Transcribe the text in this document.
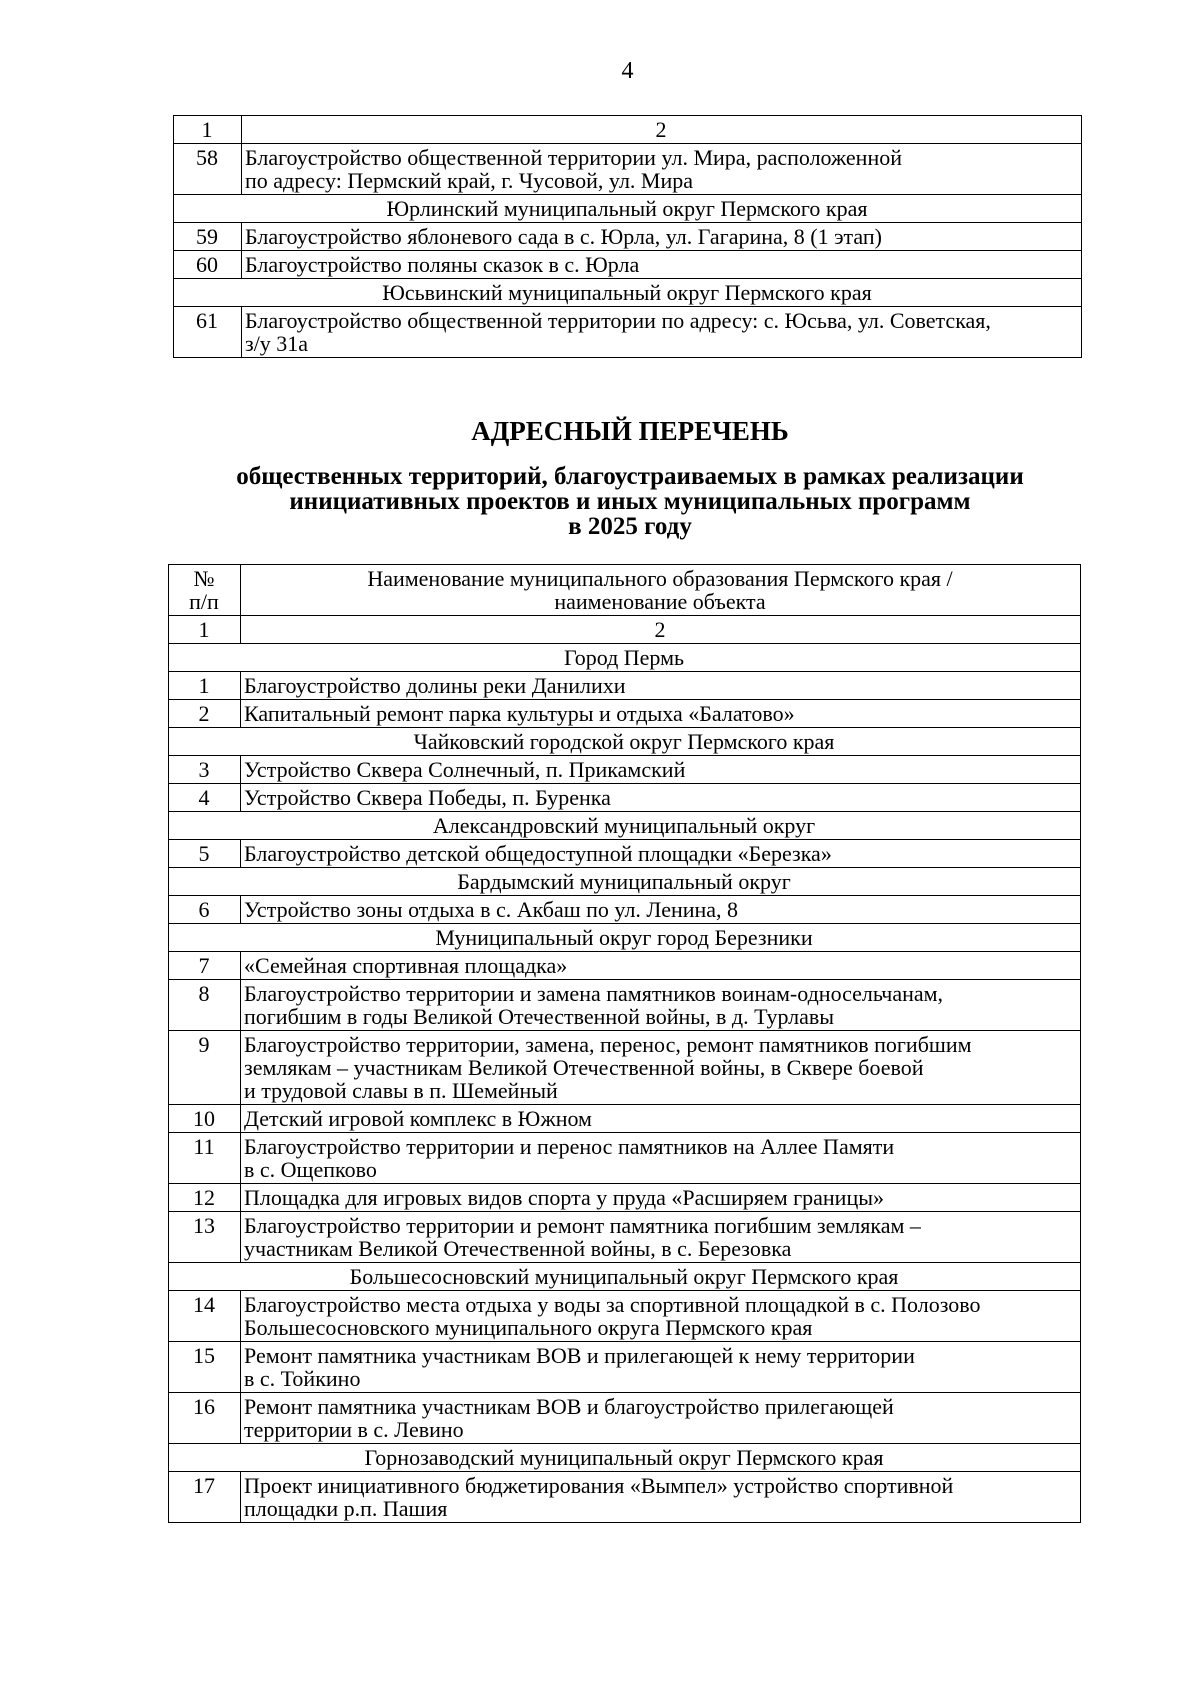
4
1	2
58	Благоустройство общественной территории ул. Мира, расположенной
по адресу: Пермский край, г. Чусовой, ул. Мира
Юрлинский муниципальный округ Пермского края	
59	Благоустройство яблоневого сада в с. Юрла, ул. Гагарина, 8 (1 этап)
60	Благоустройство поляны сказок в с. Юрла
Юсьвинский муниципальный округ Пермского края	
61	Благоустройство общественной территории по адресу: с. Юсьва, ул. Советская,
з/у 31а
АДРЕСНЫЙ ПЕРЕЧЕНЬ
общественных территорий, благоустраиваемых в рамках реализации
инициативных проектов и иных муниципальных программ
в 2025 году
№
п/п	Наименование муниципального образования Пермского края /
наименование объекта
1	2
Город Пермь	
1	Благоустройство долины реки Данилихи
2	Капитальный ремонт парка культуры и отдыха «Балатово»
Чайковский городской округ Пермского края	
3	Устройство Сквера Солнечный, п. Прикамский
4	Устройство Сквера Победы, п. Буренка
Александровский муниципальный округ	
5	Благоустройство детской общедоступной площадки «Березка»
Бардымский муниципальный округ	
6	Устройство зоны отдыха в с. Акбаш по ул. Ленина, 8
Муниципальный округ город Березники	
7	«Семейная спортивная площадка»
8	Благоустройство территории и замена памятников воинам-односельчанам,
погибшим в годы Великой Отечественной войны, в д. Турлавы
9	Благоустройство территории, замена, перенос, ремонт памятников погибшим
землякам – участникам Великой Отечественной войны, в Сквере боевой
и трудовой славы в п. Шемейный
10	Детский игровой комплекс в Южном
11	Благоустройство территории и перенос памятников на Аллее Памяти
в с. Ощепково
12	Площадка для игровых видов спорта у пруда «Расширяем границы»
13	Благоустройство территории и ремонт памятника погибшим землякам –
участникам Великой Отечественной войны, в с. Березовка
Большесосновский муниципальный округ Пермского края	
14	Благоустройство места отдыха у воды за спортивной площадкой в с. Полозово
Большесосновского муниципального округа Пермского края
15	Ремонт памятника участникам ВОВ и прилегающей к нему территории
в с. Тойкино
16	Ремонт памятника участникам ВОВ и благоустройство прилегающей
территории в с. Левино
Горнозаводский муниципальный округ Пермского края	
17	Проект инициативного бюджетирования «Вымпел» устройство спортивной
площадки р.п. Пашия
